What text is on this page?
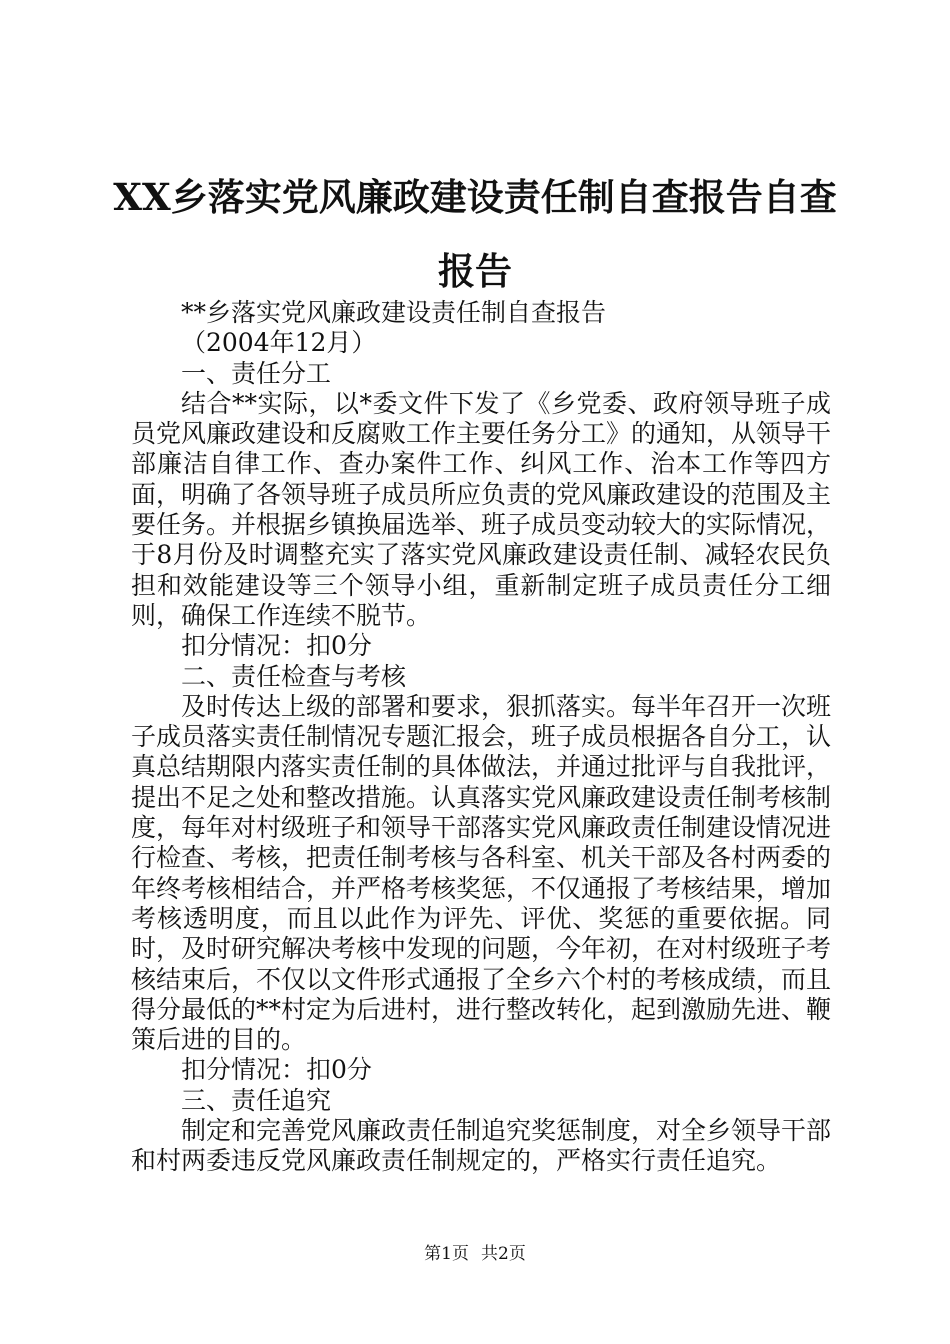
XX乡落实党风廉政建设责任制自查报告自查报告

**乡落实党风廉政建设责任制自查报告

（2004年12月）

一、责任分工

结合**实际，以*委文件下发了《乡党委、政府领导班子成员党风廉政建设和反腐败工作主要任务分工》的通知，从领导干部廉洁自律工作、查办案件工作、纠风工作、治本工作等四方面，明确了各领导班子成员所应负责的党风廉政建设的范围及主要任务。并根据乡镇换届选举、班子成员变动较大的实际情况，于8月份及时调整充实了落实党风廉政建设责任制、减轻农民负担和效能建设等三个领导小组，重新制定班子成员责任分工细则，确保工作连续不脱节。

扣分情况：扣0分

二、责任检查与考核

及时传达上级的部署和要求，狠抓落实。每半年召开一次班子成员落实责任制情况专题汇报会，班子成员根据各自分工，认真总结期限内落实责任制的具体做法，并通过批评与自我批评，提出不足之处和整改措施。认真落实党风廉政建设责任制考核制度，每年对村级班子和领导干部落实党风廉政责任制建设情况进行检查、考核，把责任制考核与各科室、机关干部及各村两委的年终考核相结合，并严格考核奖惩，不仅通报了考核结果，增加考核透明度，而且以此作为评先、评优、奖惩的重要依据。同时，及时研究解决考核中发现的问题，今年初，在对村级班子考核结束后，不仅以文件形式通报了全乡六个村的考核成绩，而且得分最低的**村定为后进村，进行整改转化，起到激励先进、鞭策后进的目的。

扣分情况：扣0分

三、责任追究

制定和完善党风廉政责任制追究奖惩制度，对全乡领导干部和村两委违反党风廉政责任制规定的，严格实行责任追究。

第1页 共2页
